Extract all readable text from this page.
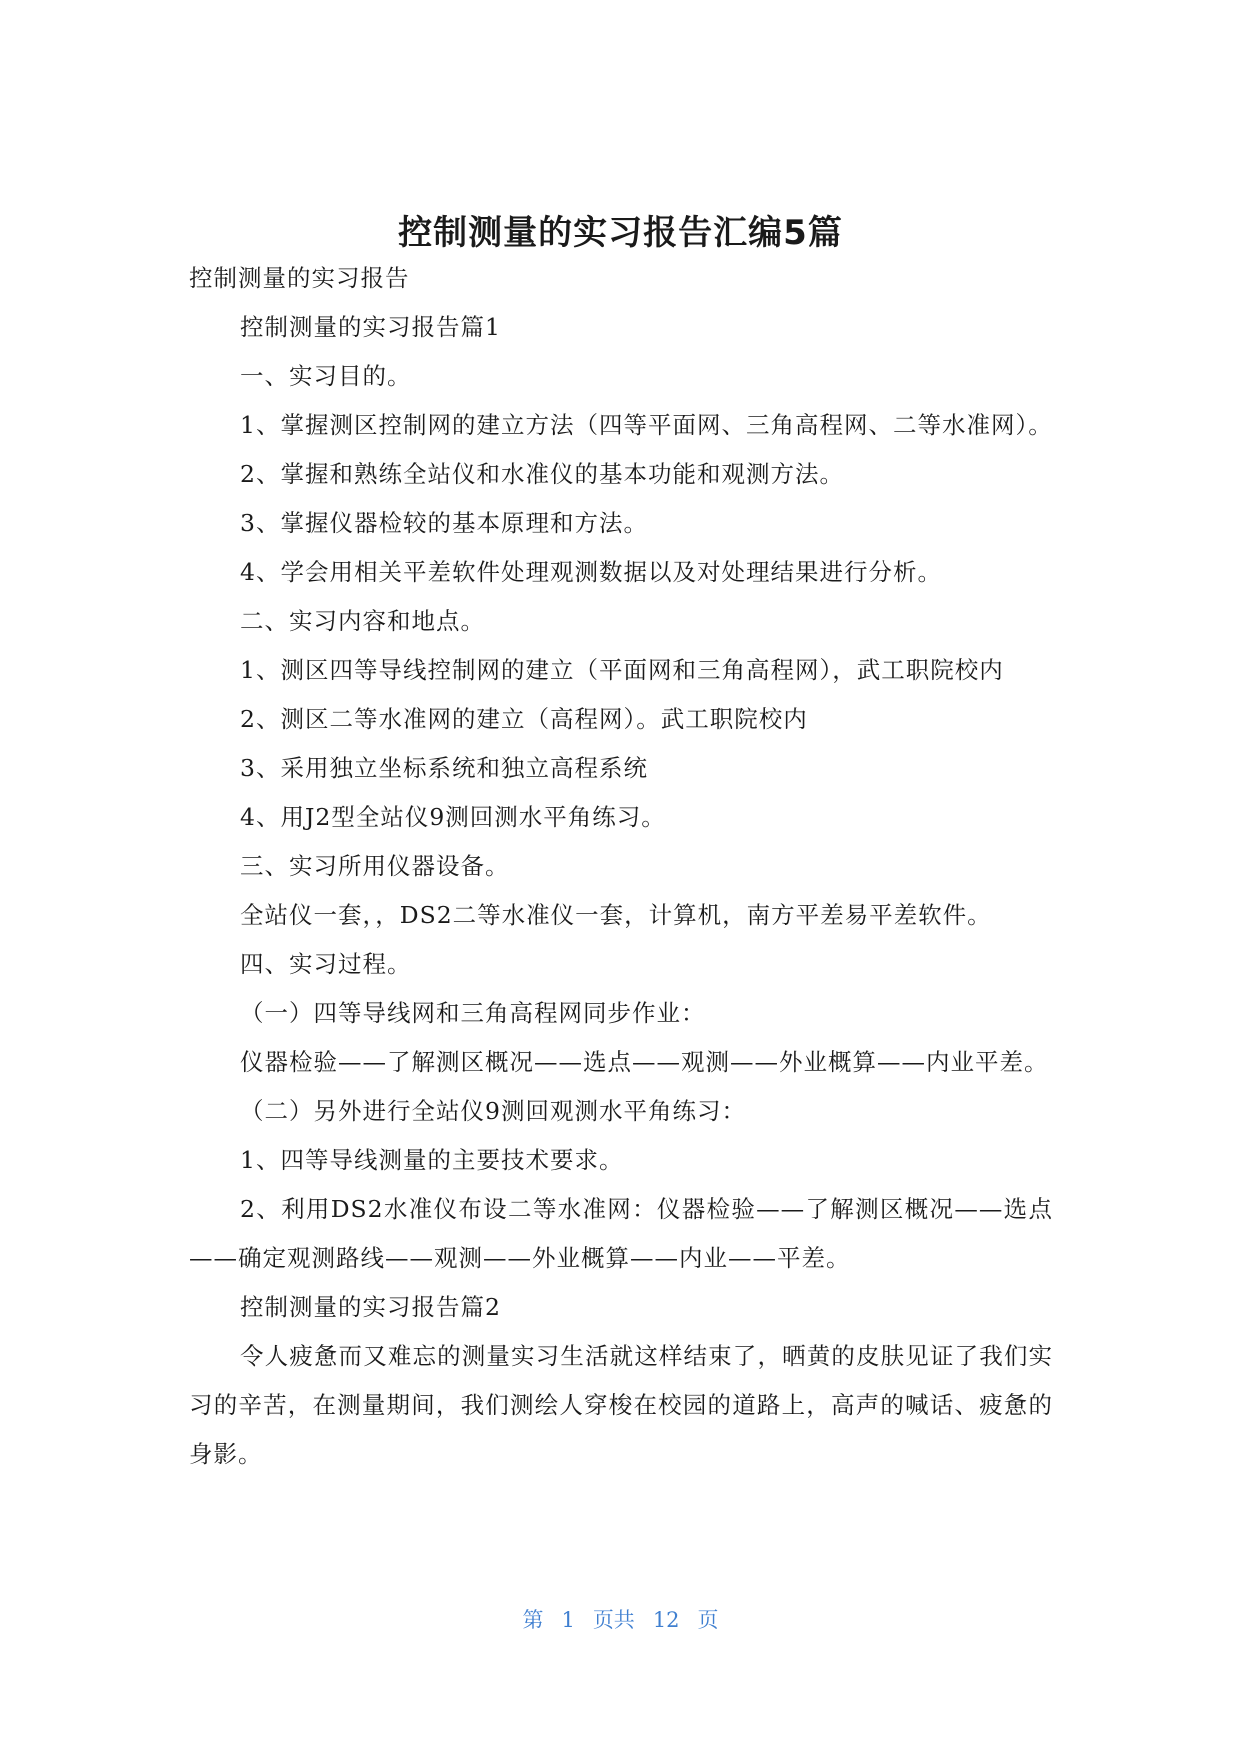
控制测量的实习报告汇编5篇

控制测量的实习报告

控制测量的实习报告篇1

一、实习目的。

1、掌握测区控制网的建立方法（四等平面网、三角高程网、二等水准网）。

2、掌握和熟练全站仪和水准仪的基本功能和观测方法。

3、掌握仪器检较的基本原理和方法。

4、学会用相关平差软件处理观测数据以及对处理结果进行分析。

二、实习内容和地点。

1、测区四等导线控制网的建立（平面网和三角高程网），武工职院校内

2、测区二等水准网的建立（高程网）。武工职院校内

3、采用独立坐标系统和独立高程系统

4、用J2型全站仪9测回测水平角练习。

三、实习所用仪器设备。

全站仪一套，，DS2二等水准仪一套，计算机，南方平差易平差软件。

四、实习过程。

（一）四等导线网和三角高程网同步作业：

仪器检验——了解测区概况——选点——观测——外业概算——内业平差。

（二）另外进行全站仪9测回观测水平角练习：

1、四等导线测量的主要技术要求。

2、利用DS2水准仪布设二等水准网：仪器检验——了解测区概况——选点——确定观测路线——观测——外业概算——内业——平差。

控制测量的实习报告篇2

令人疲惫而又难忘的测量实习生活就这样结束了，晒黄的皮肤见证了我们实习的辛苦，在测量期间，我们测绘人穿梭在校园的道路上，高声的喊话、疲惫的身影。

第 1 页共 12 页
